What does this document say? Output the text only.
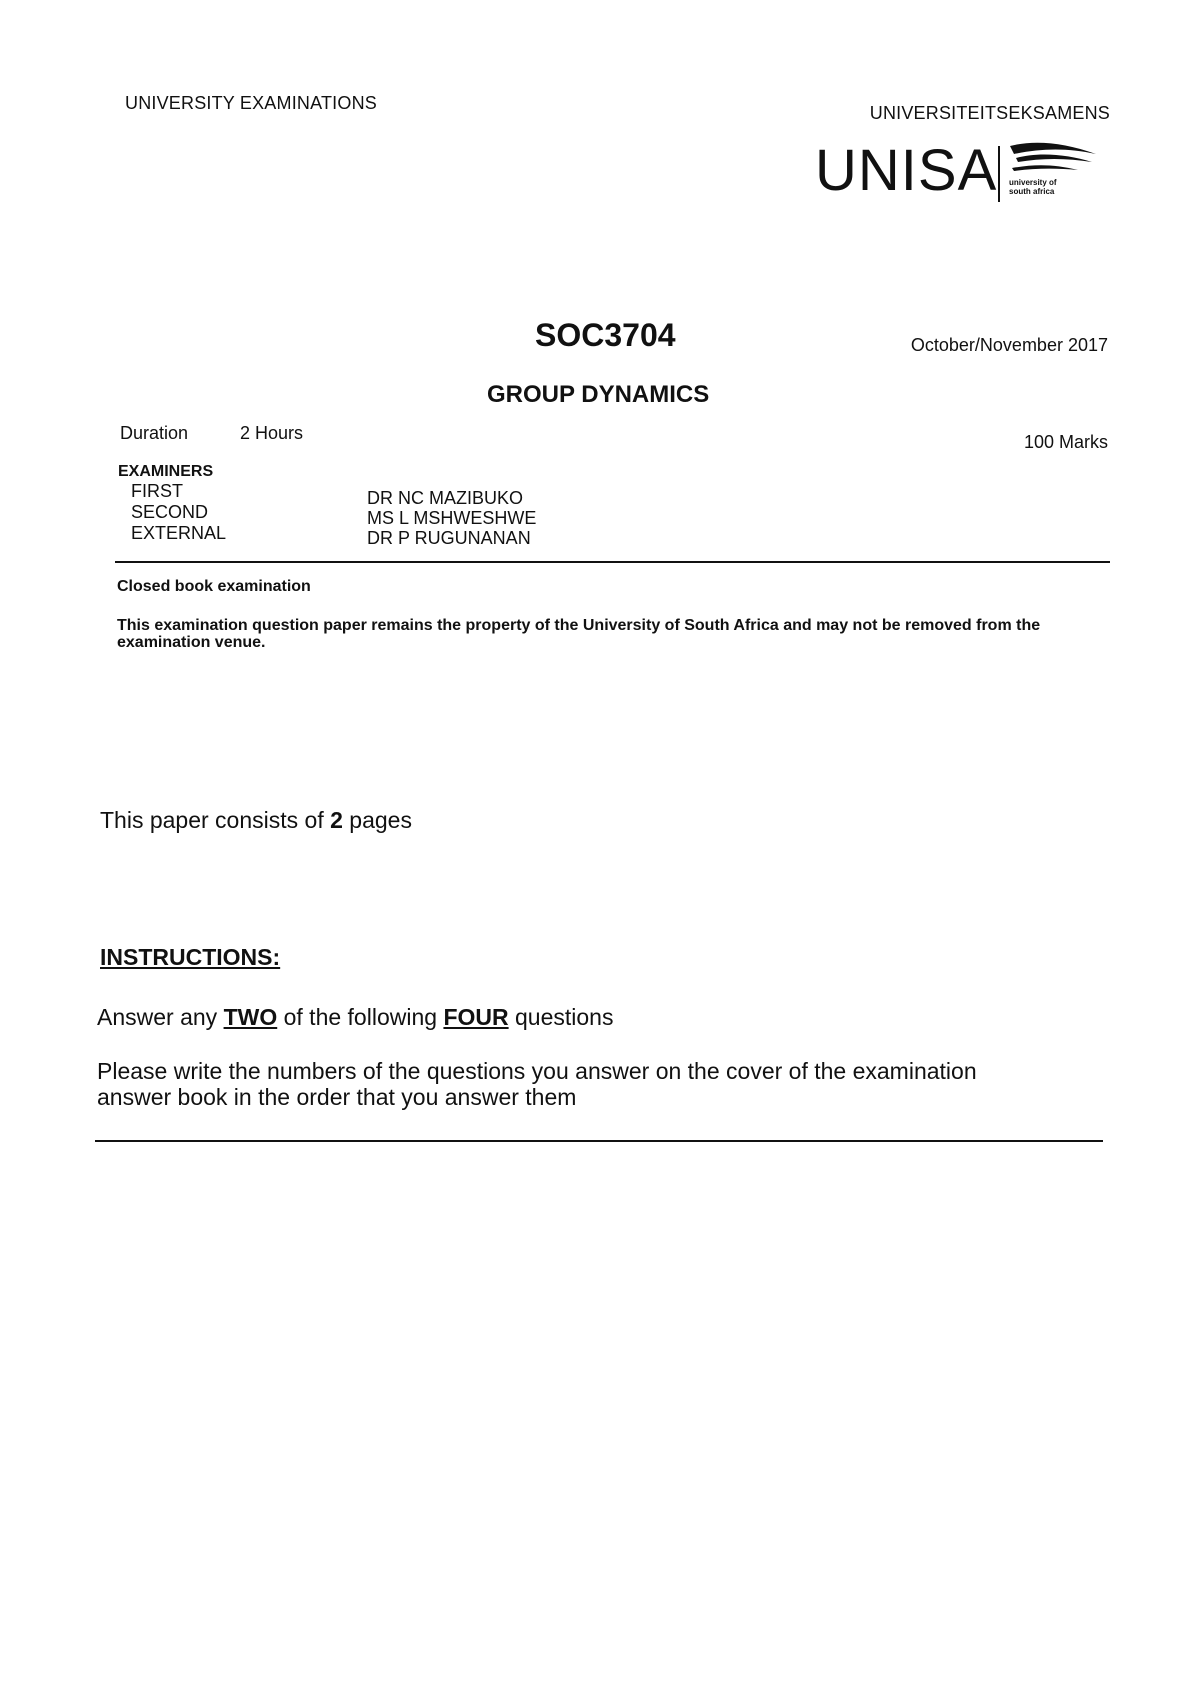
UNIVERSITY EXAMINATIONS	UNIVERSITEITSEKSAMENS
UNISA university of south africa
SOC3704	October/November 2017
GROUP DYNAMICS
Duration	2 Hours	100 Marks
EXAMINERS
FIRST	DR NC MAZIBUKO
SECOND	MS L MSHWESHWE
EXTERNAL	DR P RUGUNANAN
Closed book examination
This examination question paper remains the property of the University of South Africa and may not be removed from the examination venue.
This paper consists of 2 pages
INSTRUCTIONS:
Answer any TWO of the following FOUR questions
Please write the numbers of the questions you answer on the cover of the examination answer book in the order that you answer them
